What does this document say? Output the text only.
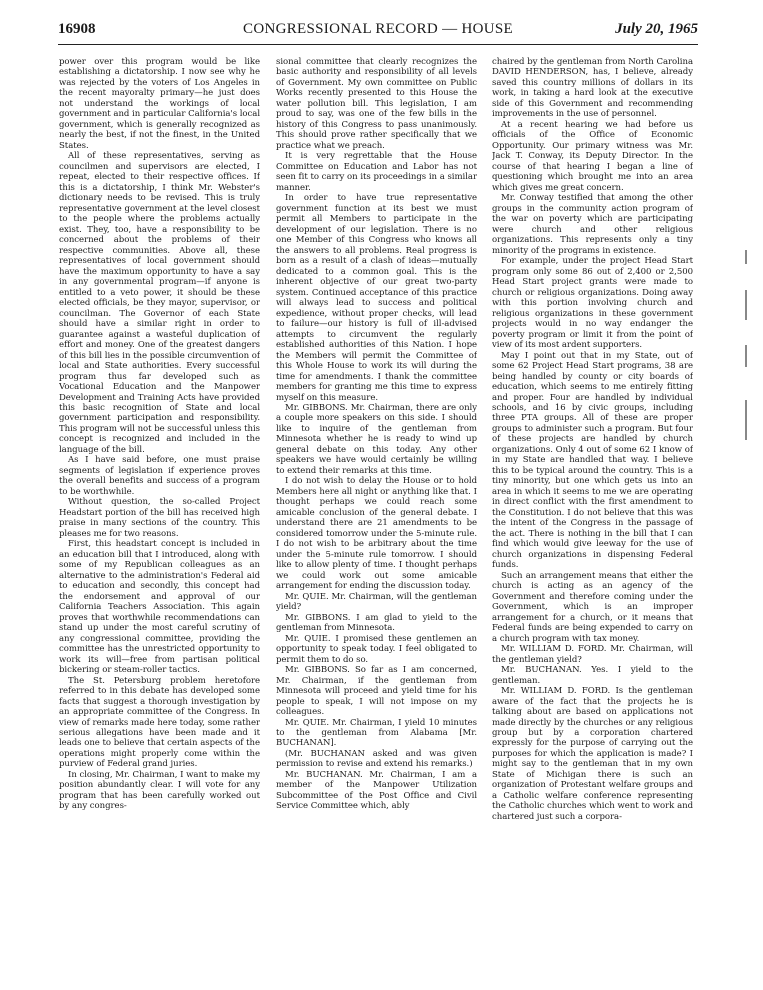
16908	CONGRESSIONAL RECORD — HOUSE	July 20, 1965

power over this program would be like establishing a dictatorship. I now see why he was rejected by the voters of Los Angeles in the recent mayoralty primary—he just does not understand the workings of local government and in particular California's local government, which is generally recognized as nearly the best, if not the finest, in the United States.

All of these representatives, serving as councilmen and supervisors are elected, I repeat, elected to their respective offices. If this is a dictatorship, I think Mr. Webster's dictionary needs to be revised. This is truly representative government at the level closest to the people where the problems actually exist. They, too, have a responsibility to be concerned about the problems of their respective communities. Above all, these representatives of local government should have the maximum opportunity to have a say in any governmental program—if anyone is entitled to a veto power, it should be these elected officials, be they mayor, supervisor, or councilman. The Governor of each State should have a similar right in order to guarantee against a wasteful duplication of effort and money. One of the greatest dangers of this bill lies in the possible circumvention of local and State authorities. Every successful program thus far developed such as Vocational Education and the Manpower Development and Training Acts have provided this basic recognition of State and local government participation and responsibility. This program will not be successful unless this concept is recognized and included in the language of the bill.

As I have said before, one must praise segments of legislation if experience proves the overall benefits and success of a program to be worthwhile.

Without question, the so-called Project Headstart portion of the bill has received high praise in many sections of the country. This pleases me for two reasons.

First, this headstart concept is included in an education bill that I introduced, along with some of my Republican colleagues as an alternative to the administration's Federal aid to education and secondly, this concept had the endorsement and approval of our California Teachers Association. This again proves that worthwhile recommendations can stand up under the most careful scrutiny of any congressional committee, providing the committee has the unrestricted opportunity to work its will—free from partisan political bickering or steam-roller tactics.

The St. Petersburg problem heretofore referred to in this debate has developed some facts that suggest a thorough investigation by an appropriate committee of the Congress. In view of remarks made here today, some rather serious allegations have been made and it leads one to believe that certain aspects of the operations might properly come within the purview of Federal grand juries.

In closing, Mr. Chairman, I want to make my position abundantly clear. I will vote for any program that has been carefully worked out by any congres-

sional committee that clearly recognizes the basic authority and responsibility of all levels of Government. My own committee on Public Works recently presented to this House the water pollution bill. This legislation, I am proud to say, was one of the few bills in the history of this Congress to pass unanimously. This should prove rather specifically that we practice what we preach.

It is very regrettable that the House Committee on Education and Labor has not seen fit to carry on its proceedings in a similar manner.

In order to have true representative government function at its best we must permit all Members to participate in the development of our legislation. There is no one Member of this Congress who knows all the answers to all problems. Real progress is born as a result of a clash of ideas—mutually dedicated to a common goal. This is the inherent objective of our great two-party system. Continued acceptance of this practice will always lead to success and political expedience, without proper checks, will lead to failure—our history is full of ill-advised attempts to circumvent the regularly established authorities of this Nation. I hope the Members will permit the Committee of this Whole House to work its will during the time for amendments. I thank the committee members for granting me this time to express myself on this measure.

Mr. GIBBONS. Mr. Chairman, there are only a couple more speakers on this side. I should like to inquire of the gentleman from Minnesota whether he is ready to wind up general debate on this today. Any other speakers we have would certainly be willing to extend their remarks at this time.

I do not wish to delay the House or to hold Members here all night or anything like that. I thought perhaps we could reach some amicable conclusion of the general debate. I understand there are 21 amendments to be considered tomorrow under the 5-minute rule. I do not wish to be arbitrary about the time under the 5-minute rule tomorrow. I should like to allow plenty of time. I thought perhaps we could work out some amicable arrangement for ending the discussion today.

Mr. QUIE. Mr. Chairman, will the gentleman yield?

Mr. GIBBONS. I am glad to yield to the gentleman from Minnesota.

Mr. QUIE. I promised these gentlemen an opportunity to speak today. I feel obligated to permit them to do so.

Mr. GIBBONS. So far as I am concerned, Mr. Chairman, if the gentleman from Minnesota will proceed and yield time for his people to speak, I will not impose on my colleagues.

Mr. QUIE. Mr. Chairman, I yield 10 minutes to the gentleman from Alabama [Mr. BUCHANAN].

(Mr. BUCHANAN asked and was given permission to revise and extend his remarks.)

Mr. BUCHANAN. Mr. Chairman, I am a member of the Manpower Utilization Subcommittee of the Post Office and Civil Service Committee which, ably

chaired by the gentleman from North Carolina DAVID HENDERSON, has, I believe, already saved this country millions of dollars in its work, in taking a hard look at the executive side of this Government and recommending improvements in the use of personnel.

At a recent hearing we had before us officials of the Office of Economic Opportunity. Our primary witness was Mr. Jack T. Conway, its Deputy Director. In the course of that hearing I began a line of questioning which brought me into an area which gives me great concern.

Mr. Conway testified that among the other groups in the community action program of the war on poverty which are participating were church and other religious organizations. This represents only a tiny minority of the programs in existence.

For example, under the project Head Start program only some 86 out of 2,400 or 2,500 Head Start project grants were made to church or religious organizations. Doing away with this portion involving church and religious organizations in these government projects would in no way endanger the poverty program or limit it from the point of view of its most ardent supporters.

May I point out that in my State, out of some 62 Project Head Start programs, 38 are being handled by county or city boards of education, which seems to me entirely fitting and proper. Four are handled by individual schools, and 16 by civic groups, including three PTA groups. All of these are proper groups to administer such a program. But four of these projects are handled by church organizations. Only 4 out of some 62 I know of in my State are handled that way. I believe this to be typical around the country. This is a tiny minority, but one which gets us into an area in which it seems to me we are operating in direct conflict with the first amendment to the Constitution. I do not believe that this was the intent of the Congress in the passage of the act. There is nothing in the bill that I can find which would give leeway for the use of church organizations in dispensing Federal funds.

Such an arrangement means that either the church is acting as an agency of the Government and therefore coming under the Government, which is an improper arrangement for a church, or it means that Federal funds are being expended to carry on a church program with tax money.

Mr. WILLIAM D. FORD. Mr. Chairman, will the gentleman yield?

Mr. BUCHANAN. Yes. I yield to the gentleman.

Mr. WILLIAM D. FORD. Is the gentleman aware of the fact that the projects he is talking about are based on applications not made directly by the churches or any religious group but by a corporation chartered expressly for the purpose of carrying out the purposes for which the application is made? I might say to the gentleman that in my own State of Michigan there is such an organization of Protestant welfare groups and a Catholic welfare conference representing the Catholic churches which went to work and chartered just such a corpora-
